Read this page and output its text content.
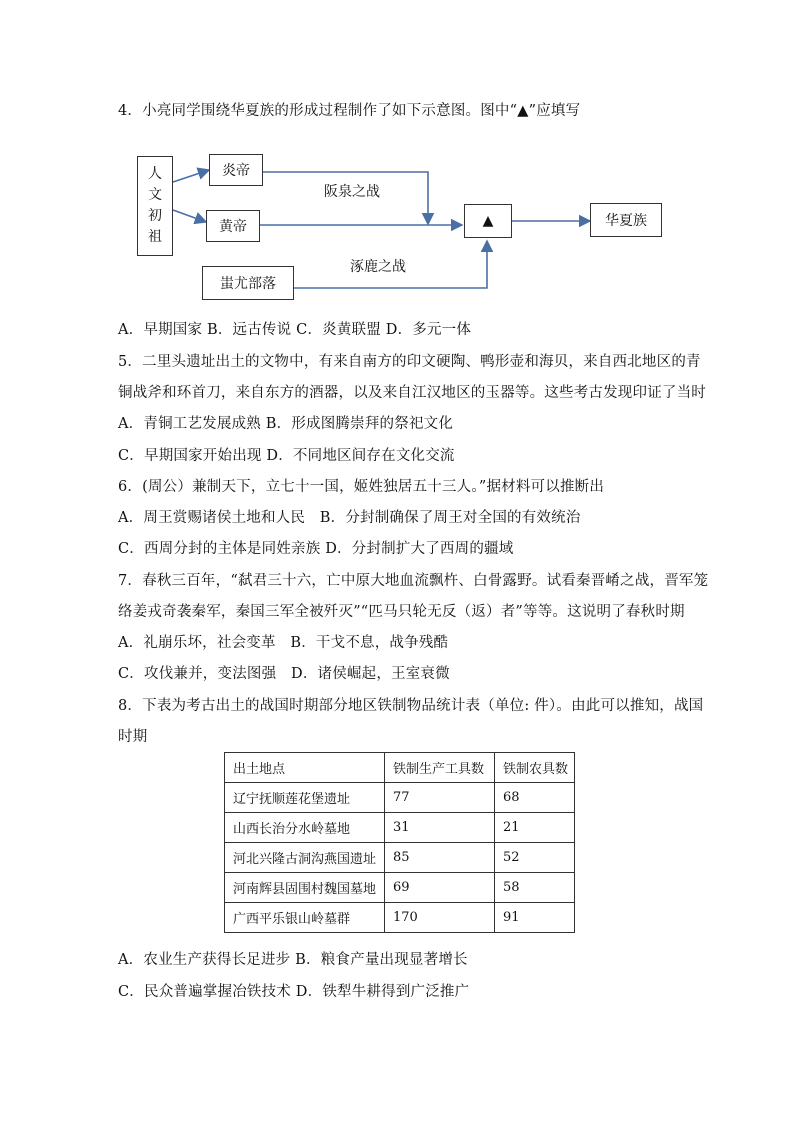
4．小亮同学围绕华夏族的形成过程制作了如下示意图。图中“▲”应填写
人
文
初
祖
炎帝
黄帝
蚩尤部落
▲	华夏族
阪泉之战
涿鹿之战
A．早期国家 B．远古传说 C．炎黄联盟 D．多元一体
5．二里头遗址出土的文物中，有来自南方的印文硬陶、鸭形壶和海贝，来自西北地区的青
铜战斧和环首刀，来自东方的酒器，以及来自江汉地区的玉器等。这些考古发现印证了当时
A．青铜工艺发展成熟 B．形成图腾崇拜的祭祀文化
C．早期国家开始出现 D．不同地区间存在文化交流
6．(周公）兼制天下，立七十一国，姬姓独居五十三人。”据材料可以推断出
A．周王赏赐诸侯土地和人民　B．分封制确保了周王对全国的有效统治
C．西周分封的主体是同姓亲族 D．分封制扩大了西周的疆域
7．春秋三百年，“弑君三十六，亡中原大地血流飘杵、白骨露野。试看秦晋崤之战，晋军笼
络姜戎奇袭秦军，秦国三军全被歼灭”“匹马只轮无反（返）者”等等。这说明了春秋时期
A．礼崩乐坏，社会变革　B．干戈不息，战争残酷
C．攻伐兼并，变法图强　D．诸侯崛起，王室衰微
8．下表为考古出土的战国时期部分地区铁制物品统计表（单位: 件）。由此可以推知，战国
时期
出土地点	铁制生产工具数	铁制农具数
辽宁抚顺莲花堡遗址	77	68
山西长治分水岭墓地	31	21
河北兴隆古洞沟燕国遗址	85	52
河南辉县固围村魏国墓地	69	58
广西平乐银山岭墓群	170	91
A．农业生产获得长足进步 B．粮食产量出现显著增长
C．民众普遍掌握冶铁技术 D．铁犁牛耕得到广泛推广
